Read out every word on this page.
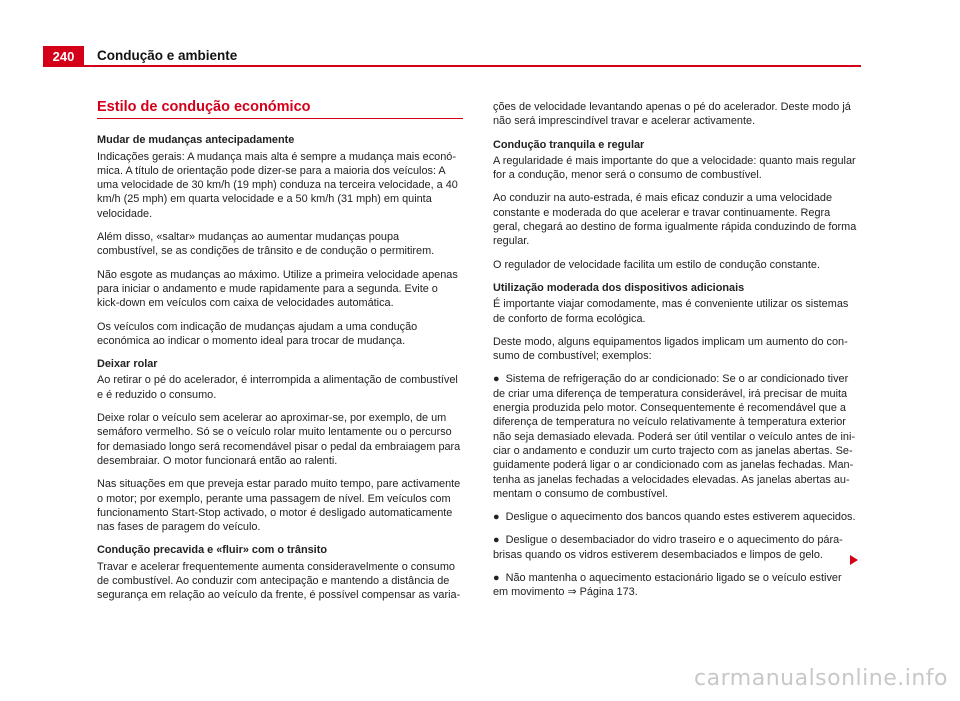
240 Condução e ambiente
Estilo de condução económico
Mudar de mudanças antecipadamente

Indicações gerais: A mudança mais alta é sempre a mudança mais económica. A título de orientação pode dizer-se para a maioria dos veículos: A uma velocidade de 30 km/h (19 mph) conduza na terceira velocidade, a 40 km/h (25 mph) em quarta velocidade e a 50 km/h (31 mph) em quinta velocidade.

Além disso, «saltar» mudanças ao aumentar mudanças poupa combustível, se as condições de trânsito e de condução o permitirem.

Não esgote as mudanças ao máximo. Utilize a primeira velocidade apenas para iniciar o andamento e mude rapidamente para a segunda. Evite o kick-down em veículos com caixa de velocidades automática.

Os veículos com indicação de mudanças ajudam a uma condução económica ao indicar o momento ideal para trocar de mudança.

Deixar rolar

Ao retirar o pé do acelerador, é interrompida a alimentação de combustível e é reduzido o consumo.

Deixe rolar o veículo sem acelerar ao aproximar-se, por exemplo, de um semáforo vermelho. Só se o veículo rolar muito lentamente ou o percurso for demasiado longo será recomendável pisar o pedal da embraiagem para desembraiar. O motor funcionará então ao ralenti.

Nas situações em que preveja estar parado muito tempo, pare activamente o motor; por exemplo, perante uma passagem de nível. Em veículos com funcionamento Start-Stop activado, o motor é desligado automaticamente nas fases de paragem do veículo.

Condução precavida e «fluir» com o trânsito

Travar e acelerar frequentemente aumenta consideravelmente o consumo de combustível. Ao conduzir com antecipação e mantendo a distância de segurança em relação ao veículo da frente, é possível compensar as varia-

ções de velocidade levantando apenas o pé do acelerador. Deste modo já não será imprescindível travar e acelerar activamente.

Condução tranquila e regular

A regularidade é mais importante do que a velocidade: quanto mais regular for a condução, menor será o consumo de combustível.

Ao conduzir na auto-estrada, é mais eficaz conduzir a uma velocidade constante e moderada do que acelerar e travar continuamente. Regra geral, chegará ao destino de forma igualmente rápida conduzindo de forma regular.

O regulador de velocidade facilita um estilo de condução constante.

Utilização moderada dos dispositivos adicionais

É importante viajar comodamente, mas é conveniente utilizar os sistemas de conforto de forma ecológica.

Deste modo, alguns equipamentos ligados implicam um aumento do consumo de combustível; exemplos:

● Sistema de refrigeração do ar condicionado: Se o ar condicionado tiver de criar uma diferença de temperatura considerável, irá precisar de muita energia produzida pelo motor. Consequentemente é recomendável que a diferença de temperatura no veículo relativamente à temperatura exterior não seja demasiado elevada. Poderá ser útil ventilar o veículo antes de iniciar o andamento e conduzir um curto trajecto com as janelas abertas. Seguidamente poderá ligar o ar condicionado com as janelas fechadas. Mantenha as janelas fechadas a velocidades elevadas. As janelas abertas aumentam o consumo de combustível.

● Desligue o aquecimento dos bancos quando estes estiverem aquecidos.

● Desligue o desembaciador do vidro traseiro e o aquecimento do pára-brisas quando os vidros estiverem desembaciados e limpos de gelo.

● Não mantenha o aquecimento estacionário ligado se o veículo estiver em movimento ⇒ Página 173.

carmanualsonline.info
